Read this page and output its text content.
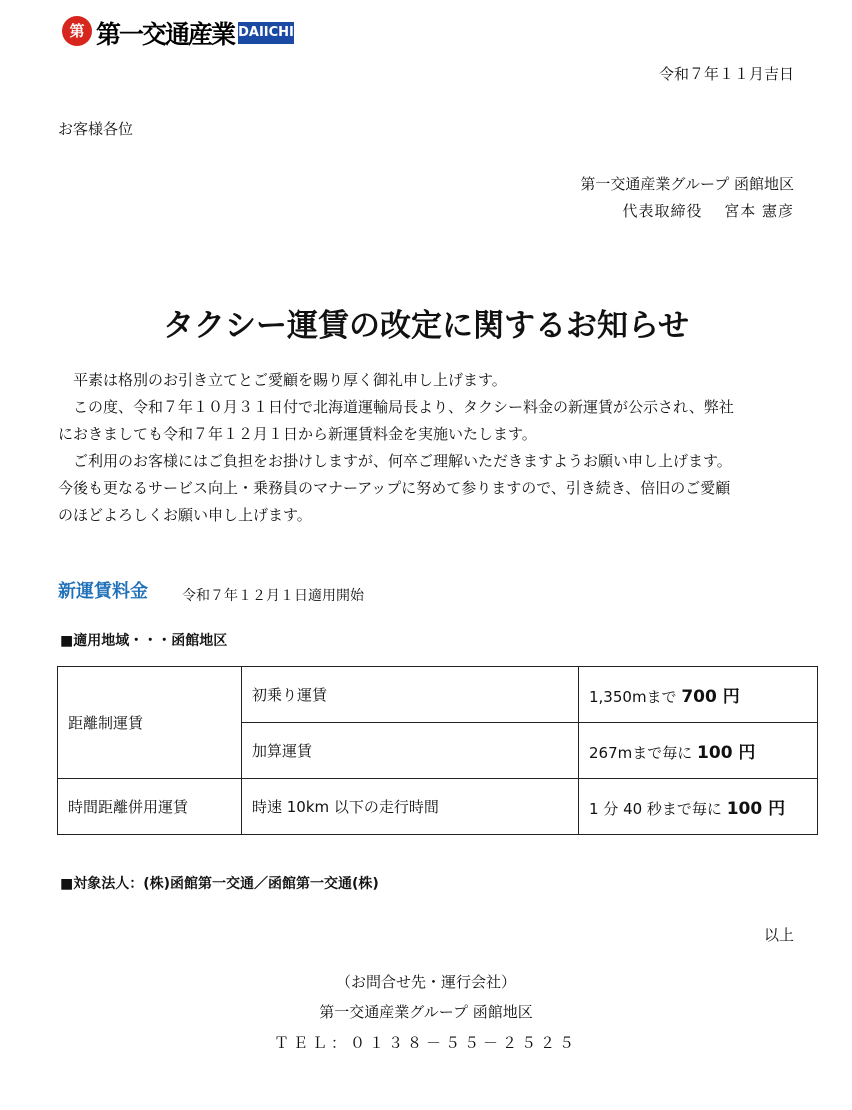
第 第一交通産業 DAIICHI
令和７年１１月吉日
お客様各位
第一交通産業グループ 函館地区
代表取締役　 宮本 憲彦
タクシー運賃の改定に関するお知らせ

　平素は格別のお引き立てとご愛顧を賜り厚く御礼申し上げます。

　この度、令和７年１０月３１日付で北海道運輸局長より、タクシー料金の新運賃が公示され、弊社

におきましても令和７年１２月１日から新運賃料金を実施いたします。

　ご利用のお客様にはご負担をお掛けしますが、何卒ご理解いただきますようお願い申し上げます。

今後も更なるサービス向上・乗務員のマナーアップに努めて参りますので、引き続き、倍旧のご愛顧

のほどよろしくお願い申し上げます。

新運賃料金 令和７年１２月１日適用開始
■適用地域・・・函館地区
距離制運賃	初乗り運賃	1,350mまで 700 円
	加算運賃	267mまで毎に 100 円
時間距離併用運賃	時速 10km 以下の走行時間	1 分 40 秒まで毎に 100 円
■対象法人：(株)函館第一交通／函館第一交通(株)
以上
（お問合せ先・運行会社）
第一交通産業グループ 函館地区
ＴＥＬ：０１３８－５５－２５２５
